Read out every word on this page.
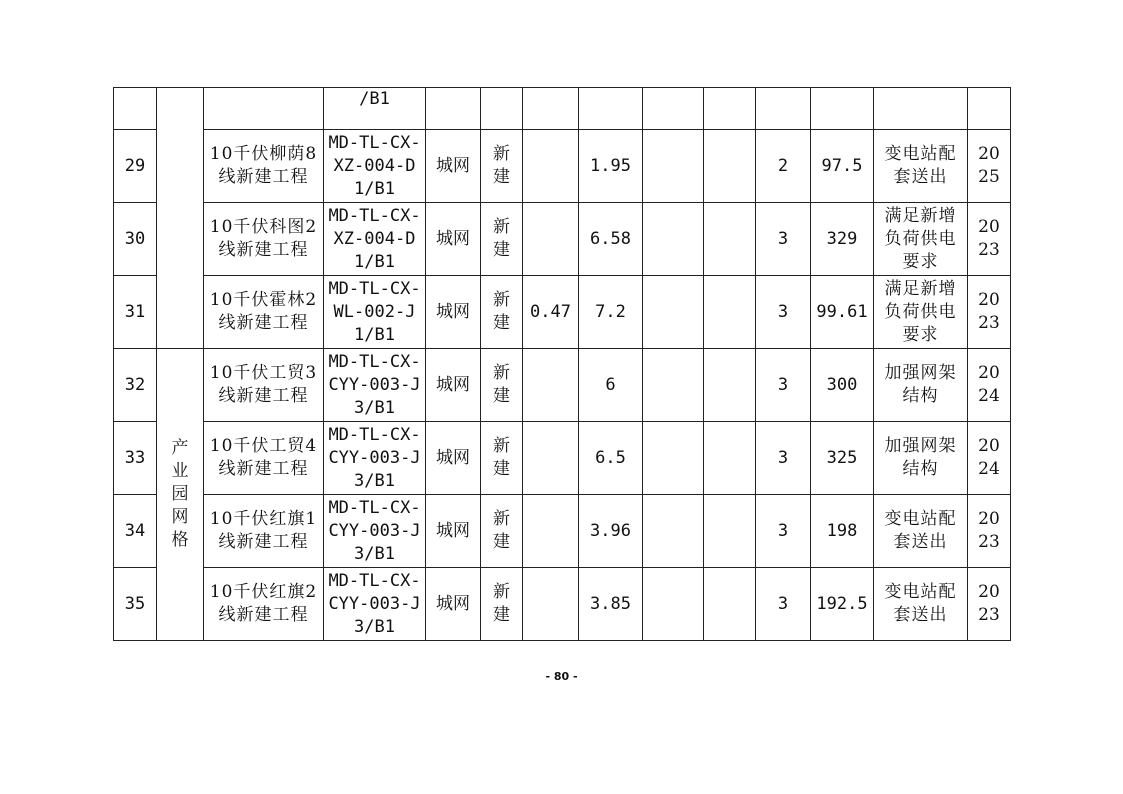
			/B1										
29		10千伏柳荫8线新建工程	MD-TL-CX-XZ-004-D1/B1	城网	新建		1.95			2	97.5	变电站配套送出	2025
30		10千伏科图2线新建工程	MD-TL-CX-XZ-004-D1/B1	城网	新建		6.58			3	329	满足新增负荷供电要求	2023
31		10千伏霍林2线新建工程	MD-TL-CX-WL-002-J1/B1	城网	新建	0.47	7.2			3	99.61	满足新增负荷供电要求	2023
32	产业园网格	10千伏工贸3线新建工程	MD-TL-CX-CYY-003-J3/B1	城网	新建		6			3	300	加强网架结构	2024
33		10千伏工贸4线新建工程	MD-TL-CX-CYY-003-J3/B1	城网	新建		6.5			3	325	加强网架结构	2024
34		10千伏红旗1线新建工程	MD-TL-CX-CYY-003-J3/B1	城网	新建		3.96			3	198	变电站配套送出	2023
35		10千伏红旗2线新建工程	MD-TL-CX-CYY-003-J3/B1	城网	新建		3.85			3	192.5	变电站配套送出	2023
- 80 -
